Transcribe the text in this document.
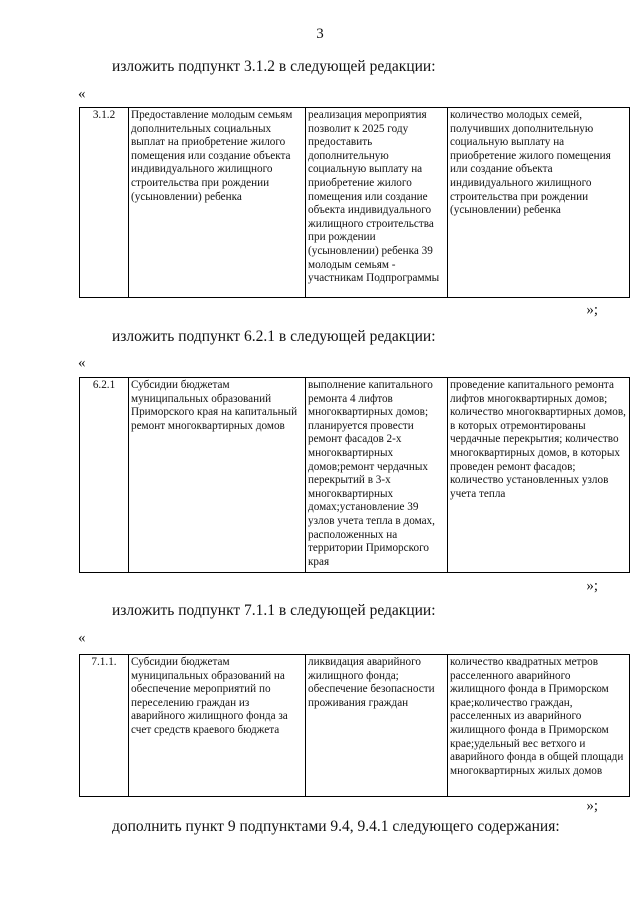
3
изложить подпункт 3.1.2 в следующей редакции:
«
3.1.2	Предоставление молодым семьям дополнительных социальных выплат на приобретение жилого помещения или создание объекта индивидуального жилищного строительства при рождении (усыновлении) ребенка	реализация мероприятия позволит к 2025 году предоставить дополнительную социальную выплату на приобретение жилого помещения или создание объекта индивидуального жилищного строительства при рождении (усыновлении) ребенка 39 молодым семьям - участникам Подпрограммы	количество молодых семей, получивших дополнительную социальную выплату на приобретение жилого помещения или создание объекта индивидуального жилищного строительства при рождении (усыновлении) ребенка
»;
изложить подпункт 6.2.1 в следующей редакции:
«
6.2.1	Субсидии бюджетам муниципальных образований Приморского края на капитальный ремонт многоквартирных домов	выполнение капитального ремонта 4 лифтов многоквартирных домов; планируется провести ремонт фасадов 2-х многоквартирных домов;ремонт чердачных перекрытий в 3-х многоквартирных домах;установление 39 узлов учета тепла в домах, расположенных на территории Приморского края	проведение капитального ремонта лифтов многоквартирных домов; количество многоквартирных домов, в которых отремонтированы чердачные перекрытия; количество многоквартирных домов, в которых проведен ремонт фасадов; количество установленных узлов учета тепла
»;
изложить подпункт 7.1.1 в следующей редакции:
«
7.1.1.	Субсидии бюджетам муниципальных образований на обеспечение мероприятий по переселению граждан из аварийного жилищного фонда за счет средств краевого бюджета	ликвидация аварийного жилищного фонда; обеспечение безопасности проживания граждан	количество квадратных метров расселенного аварийного жилищного фонда в Приморском крае;количество граждан, расселенных из аварийного жилищного фонда в Приморском крае;удельный вес ветхого и аварийного фонда в общей площади многоквартирных жилых домов
»;
дополнить пункт 9 подпунктами 9.4, 9.4.1 следующего содержания:
